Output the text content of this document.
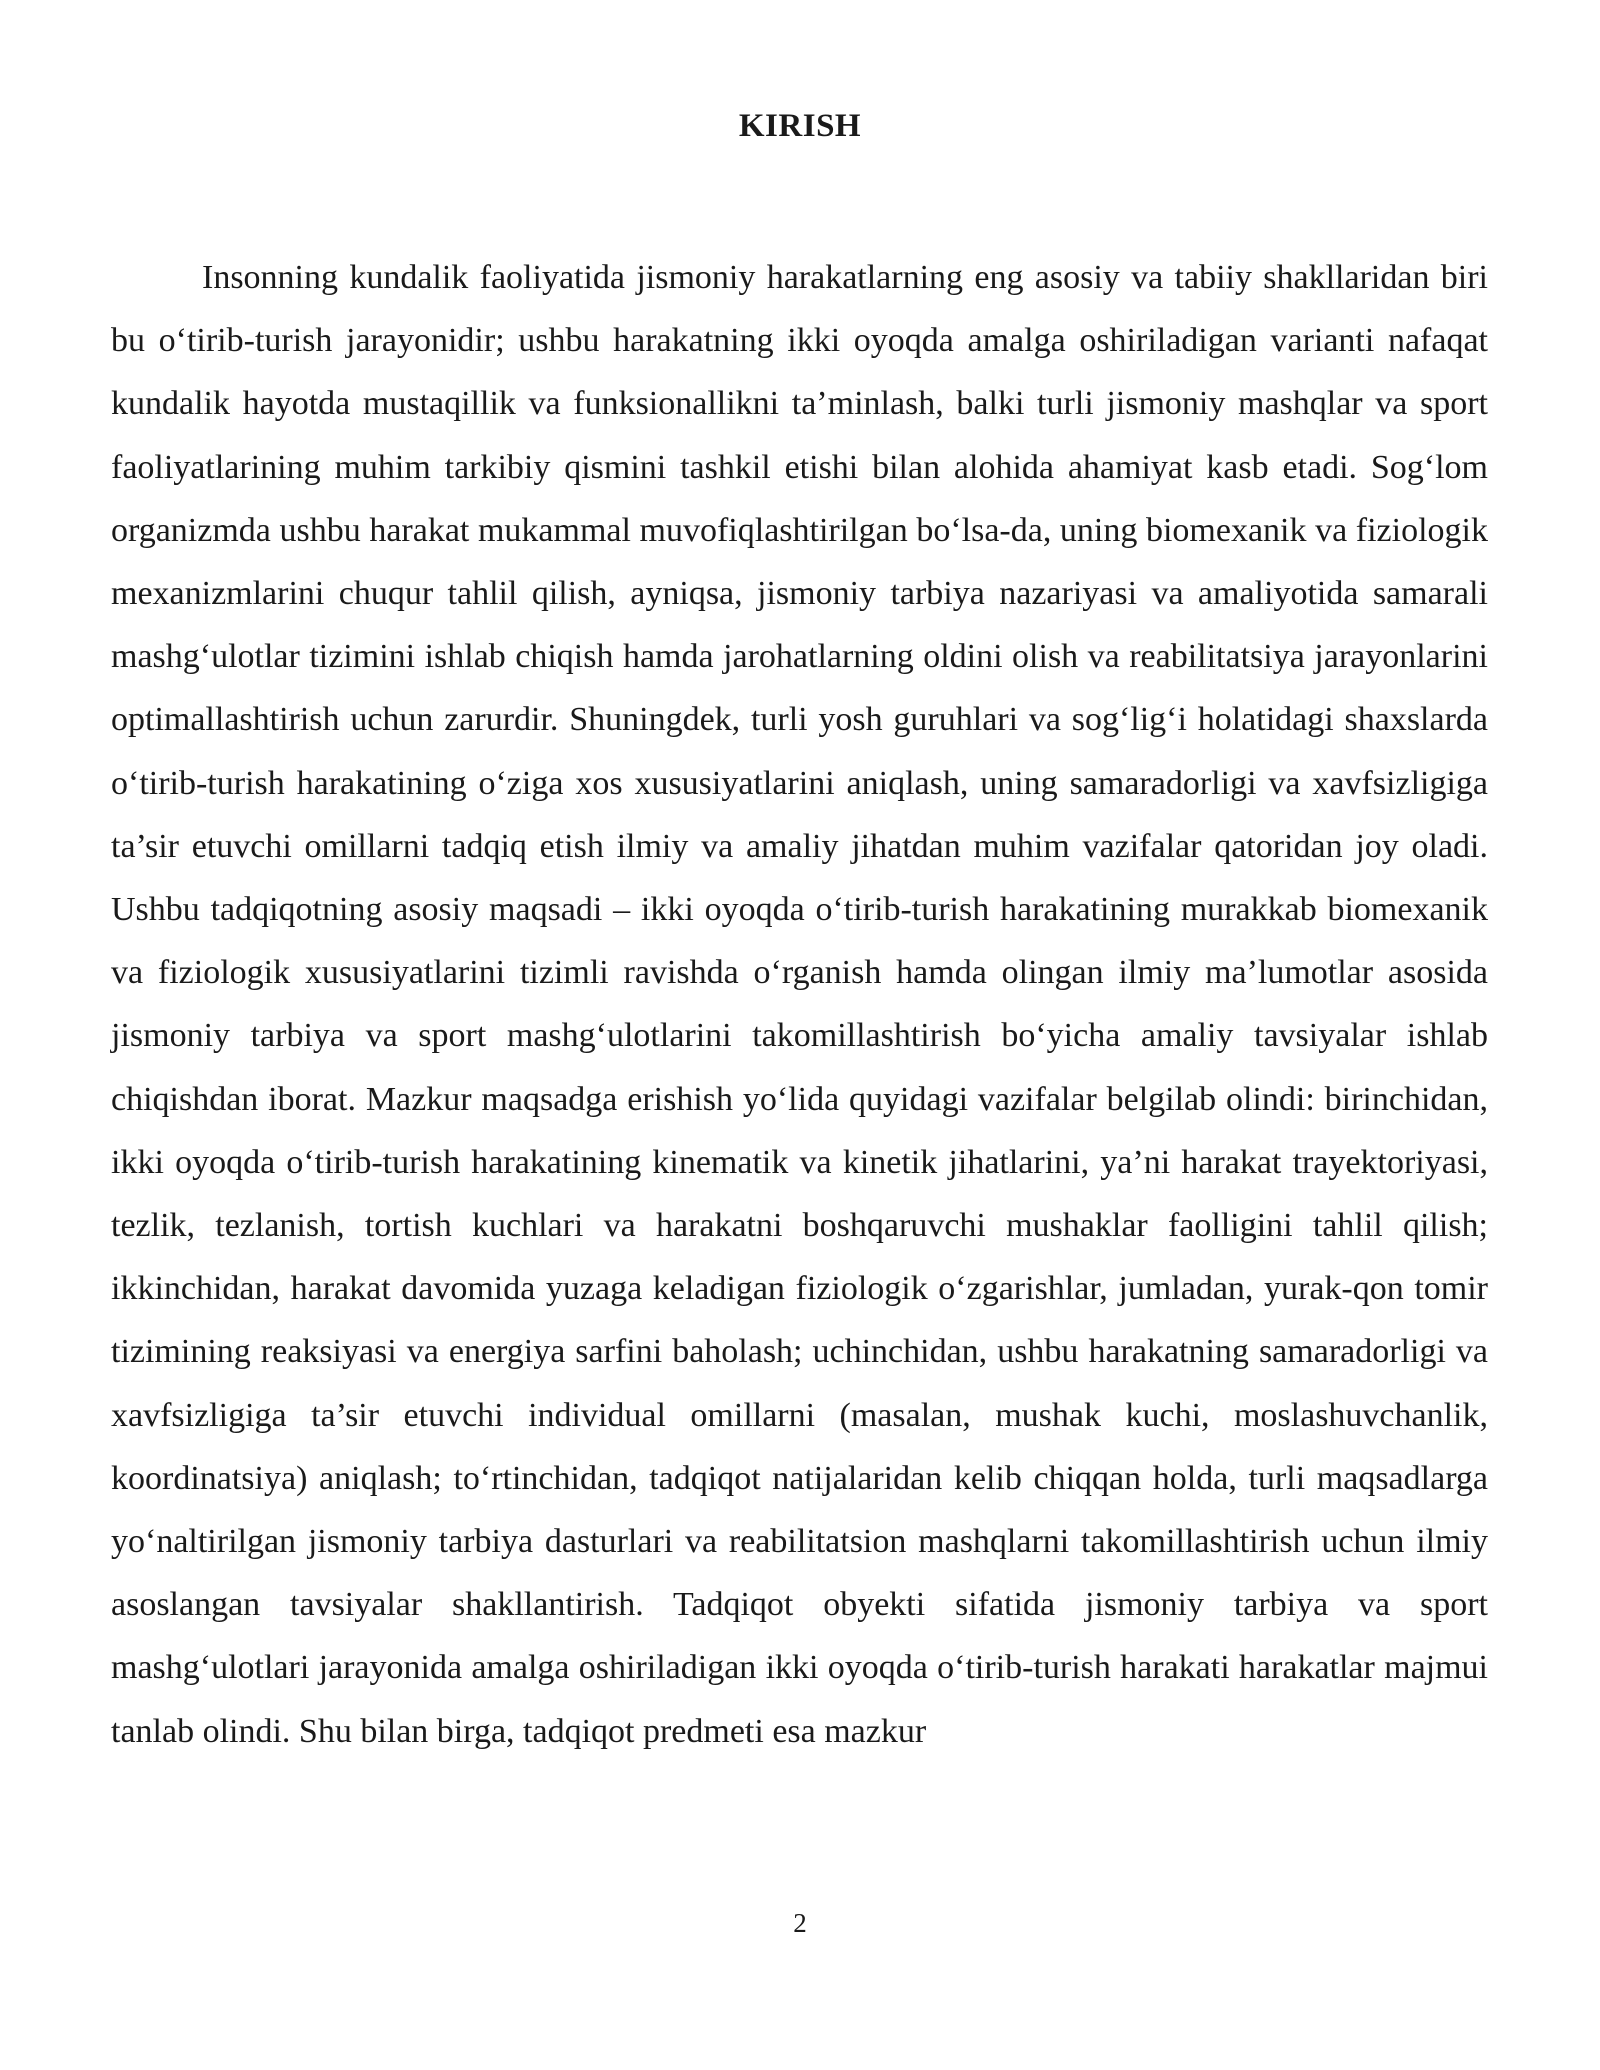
KIRISH

Insonning kundalik faoliyatida jismoniy harakatlarning eng asosiy va tabiiy shakllaridan biri bu o‘tirib-turish jarayonidir; ushbu harakatning ikki oyoqda amalga oshiriladigan varianti nafaqat kundalik hayotda mustaqillik va funksionallikni ta’minlash, balki turli jismoniy mashqlar va sport faoliyatlarining muhim tarkibiy qismini tashkil etishi bilan alohida ahamiyat kasb etadi. Sog‘lom organizmda ushbu harakat mukammal muvofiqlashtirilgan bo‘lsa-da, uning biomexanik va fiziologik mexanizmlarini chuqur tahlil qilish, ayniqsa, jismoniy tarbiya nazariyasi va amaliyotida samarali mashg‘ulotlar tizimini ishlab chiqish hamda jarohatlarning oldini olish va reabilitatsiya jarayonlarini optimallashtirish uchun zarurdir. Shuningdek, turli yosh guruhlari va sog‘lig‘i holatidagi shaxslarda o‘tirib-turish harakatining o‘ziga xos xususiyatlarini aniqlash, uning samaradorligi va xavfsizligiga ta’sir etuvchi omillarni tadqiq etish ilmiy va amaliy jihatdan muhim vazifalar qatoridan joy oladi. Ushbu tadqiqotning asosiy maqsadi – ikki oyoqda o‘tirib-turish harakatining murakkab biomexanik va fiziologik xususiyatlarini tizimli ravishda o‘rganish hamda olingan ilmiy ma’lumotlar asosida jismoniy tarbiya va sport mashg‘ulotlarini takomillashtirish bo‘yicha amaliy tavsiyalar ishlab chiqishdan iborat. Mazkur maqsadga erishish yo‘lida quyidagi vazifalar belgilab olindi: birinchidan, ikki oyoqda o‘tirib-turish harakatining kinematik va kinetik jihatlarini, ya’ni harakat trayektoriyasi, tezlik, tezlanish, tortish kuchlari va harakatni boshqaruvchi mushaklar faolligini tahlil qilish; ikkinchidan, harakat davomida yuzaga keladigan fiziologik o‘zgarishlar, jumladan, yurak-qon tomir tizimining reaksiyasi va energiya sarfini baholash; uchinchidan, ushbu harakatning samaradorligi va xavfsizligiga ta’sir etuvchi individual omillarni (masalan, mushak kuchi, moslashuvchanlik, koordinatsiya) aniqlash; to‘rtinchidan, tadqiqot natijalaridan kelib chiqqan holda, turli maqsadlarga yo‘naltirilgan jismoniy tarbiya dasturlari va reabilitatsion mashqlarni takomillashtirish uchun ilmiy asoslangan tavsiyalar shakllantirish. Tadqiqot obyekti sifatida jismoniy tarbiya va sport mashg‘ulotlari jarayonida amalga oshiriladigan ikki oyoqda o‘tirib-turish harakati harakatlar majmui tanlab olindi. Shu bilan birga, tadqiqot predmeti esa mazkur

2
